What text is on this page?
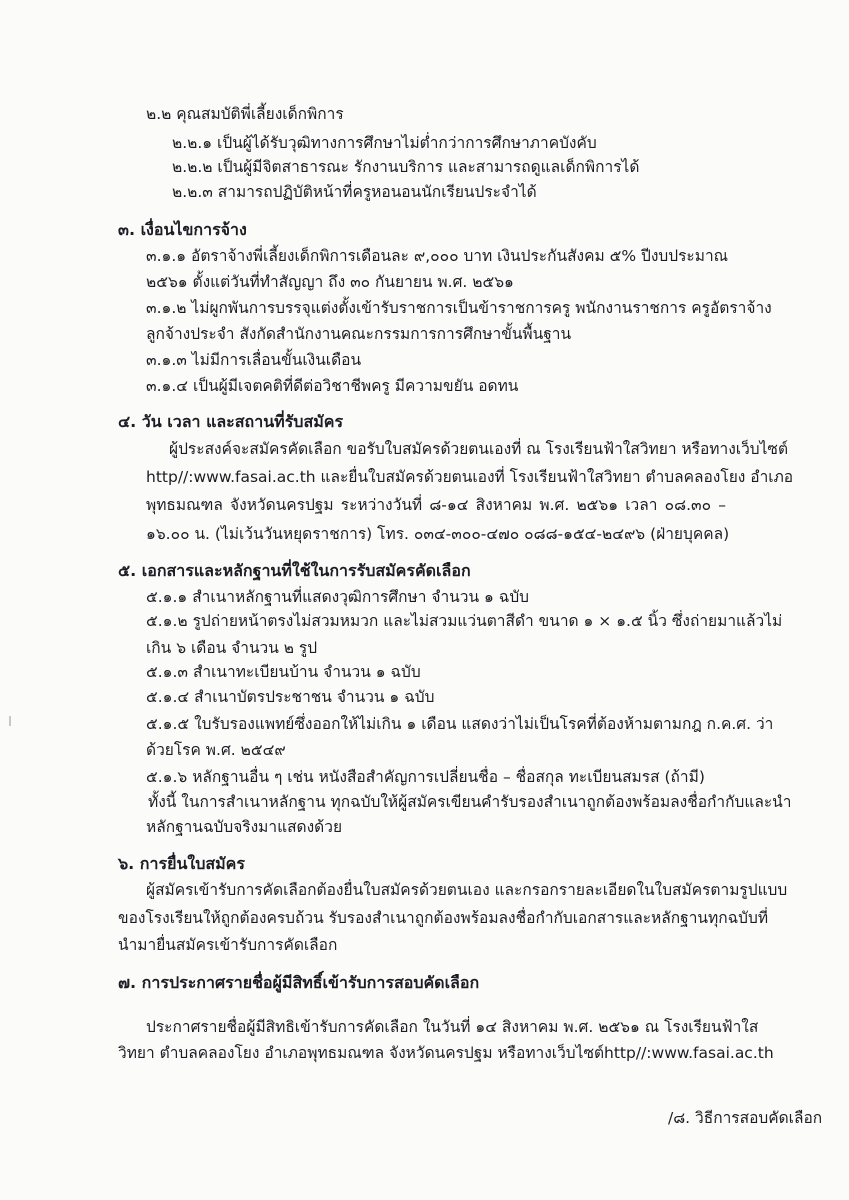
๒.๒ คุณสมบัติพี่เลี้ยงเด็กพิการ
๒.๒.๑ เป็นผู้ได้รับวุฒิทางการศึกษาไม่ต่ำกว่าการศึกษาภาคบังคับ
๒.๒.๒ เป็นผู้มีจิตสาธารณะ รักงานบริการ และสามารถดูแลเด็กพิการได้
๒.๒.๓ สามารถปฏิบัติหน้าที่ครูหอนอนนักเรียนประจำได้
๓. เงื่อนไขการจ้าง
๓.๑.๑ อัตราจ้างพี่เลี้ยงเด็กพิการเดือนละ ๙,๐๐๐ บาท เงินประกันสังคม ๕% ปีงบประมาณ
๒๕๖๑ ตั้งแต่วันที่ทำสัญญา ถึง ๓๐ กันยายน พ.ศ. ๒๕๖๑
๓.๑.๒ ไม่ผูกพันการบรรจุแต่งตั้งเข้ารับราชการเป็นข้าราชการครู พนักงานราชการ ครูอัตราจ้าง
ลูกจ้างประจำ สังกัดสำนักงานคณะกรรมการการศึกษาขั้นพื้นฐาน
๓.๑.๓ ไม่มีการเลื่อนขั้นเงินเดือน
๓.๑.๔ เป็นผู้มีเจตคติที่ดีต่อวิชาชีพครู มีความขยัน อดทน
๔. วัน เวลา และสถานที่รับสมัคร
ผู้ประสงค์จะสมัครคัดเลือก ขอรับใบสมัครด้วยตนเองที่ ณ โรงเรียนฟ้าใสวิทยา หรือทางเว็บไซต์
http//:www.fasai.ac.th และยื่นใบสมัครด้วยตนเองที่ โรงเรียนฟ้าใสวิทยา ตำบลคลองโยง อำเภอ
พุทธมณฑล จังหวัดนครปฐม ระหว่างวันที่ ๘-๑๔ สิงหาคม พ.ศ. ๒๕๖๑ เวลา ๐๘.๓๐ –
๑๖.๐๐ น. (ไม่เว้นวันหยุดราชการ) โทร. ๐๓๔-๓๐๐-๔๗๐ ๐๘๘-๑๕๔-๒๔๙๖ (ฝ่ายบุคคล)
๕. เอกสารและหลักฐานที่ใช้ในการรับสมัครคัดเลือก
๕.๑.๑ สำเนาหลักฐานที่แสดงวุฒิการศึกษา จำนวน ๑ ฉบับ
๕.๑.๒ รูปถ่ายหน้าตรงไม่สวมหมวก และไม่สวมแว่นตาสีดำ ขนาด ๑ × ๑.๕ นิ้ว ซึ่งถ่ายมาแล้วไม่
เกิน ๖ เดือน จำนวน ๒ รูป
๕.๑.๓ สำเนาทะเบียนบ้าน จำนวน ๑ ฉบับ
๕.๑.๔ สำเนาบัตรประชาชน จำนวน ๑ ฉบับ
๕.๑.๕ ใบรับรองแพทย์ซึ่งออกให้ไม่เกิน ๑ เดือน แสดงว่าไม่เป็นโรคที่ต้องห้ามตามกฎ ก.ค.ศ. ว่า
ด้วยโรค พ.ศ. ๒๕๔๙
๕.๑.๖ หลักฐานอื่น ๆ เช่น หนังสือสำคัญการเปลี่ยนชื่อ – ชื่อสกุล ทะเบียนสมรส (ถ้ามี)
ทั้งนี้ ในการสำเนาหลักฐาน ทุกฉบับให้ผู้สมัครเขียนคำรับรองสำเนาถูกต้องพร้อมลงชื่อกำกับและนำ
หลักฐานฉบับจริงมาแสดงด้วย
๖. การยื่นใบสมัคร
ผู้สมัครเข้ารับการคัดเลือกต้องยื่นใบสมัครด้วยตนเอง และกรอกรายละเอียดในใบสมัครตามรูปแบบ
ของโรงเรียนให้ถูกต้องครบถ้วน รับรองสำเนาถูกต้องพร้อมลงชื่อกำกับเอกสารและหลักฐานทุกฉบับที่
นำมายื่นสมัครเข้ารับการคัดเลือก
๗. การประกาศรายชื่อผู้มีสิทธิ์เข้ารับการสอบคัดเลือก
ประกาศรายชื่อผู้มีสิทธิเข้ารับการคัดเลือก ในวันที่ ๑๔ สิงหาคม พ.ศ. ๒๕๖๑ ณ โรงเรียนฟ้าใส
วิทยา ตำบลคลองโยง อำเภอพุทธมณฑล จังหวัดนครปฐม หรือทางเว็บไซต์http//:www.fasai.ac.th
/๘. วิธีการสอบคัดเลือก
